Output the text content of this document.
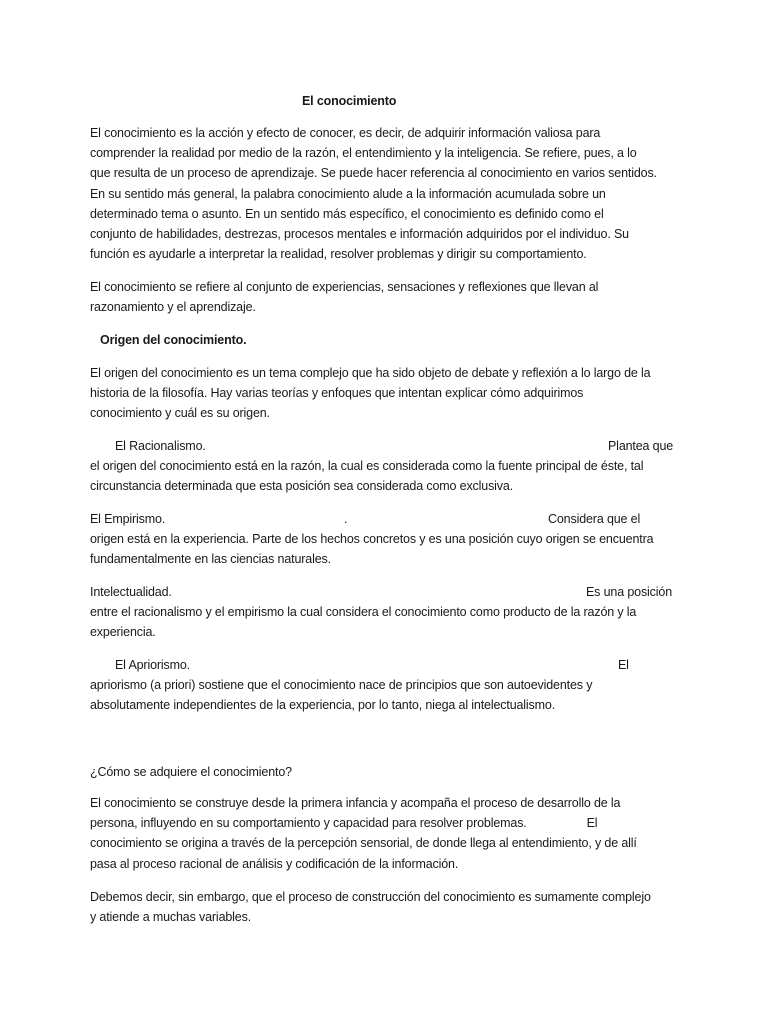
El conocimiento
El conocimiento es la acción y efecto de conocer, es decir, de adquirir información valiosa para
comprender la realidad por medio de la razón, el entendimiento y la inteligencia. Se refiere, pues, a lo
que resulta de un proceso de aprendizaje. Se puede hacer referencia al conocimiento en varios sentidos.
En su sentido más general, la palabra conocimiento alude a la información acumulada sobre un
determinado tema o asunto. En un sentido más específico, el conocimiento es definido como el
conjunto de habilidades, destrezas, procesos mentales e información adquiridos por el individuo. Su
función es ayudarle a interpretar la realidad, resolver problemas y dirigir su comportamiento.
El conocimiento se refiere al conjunto de experiencias, sensaciones y reflexiones que llevan al
razonamiento y el aprendizaje.
Origen del conocimiento.
El origen del conocimiento es un tema complejo que ha sido objeto de debate y reflexión a lo largo de la
historia de la filosofía. Hay varias teorías y enfoques que intentan explicar cómo adquirimos
conocimiento y cuál es su origen.
El Racionalismo.	Plantea que
el origen del conocimiento está en la razón, la cual es considerada como la fuente principal de éste, tal
circunstancia determinada que esta posición sea considerada como exclusiva.
El Empirismo.	.	Considera que el
origen está en la experiencia. Parte de los hechos concretos y es una posición cuyo origen se encuentra
fundamentalmente en las ciencias naturales.
Intelectualidad.	Es una posición
entre el racionalismo y el empirismo la cual considera el conocimiento como producto de la razón y la
experiencia.
El Apriorismo.	El
apriorismo (a priori) sostiene que el conocimiento nace de principios que son autoevidentes y
absolutamente independientes de la experiencia, por lo tanto, niega al intelectualismo.
¿Cómo se adquiere el conocimiento?
El conocimiento se construye desde la primera infancia y acompaña el proceso de desarrollo de la
persona, influyendo en su comportamiento y capacidad para resolver problemas.	El
conocimiento se origina a través de la percepción sensorial, de donde llega al entendimiento, y de allí
pasa al proceso racional de análisis y codificación de la información.
Debemos decir, sin embargo, que el proceso de construcción del conocimiento es sumamente complejo
y atiende a muchas variables.
